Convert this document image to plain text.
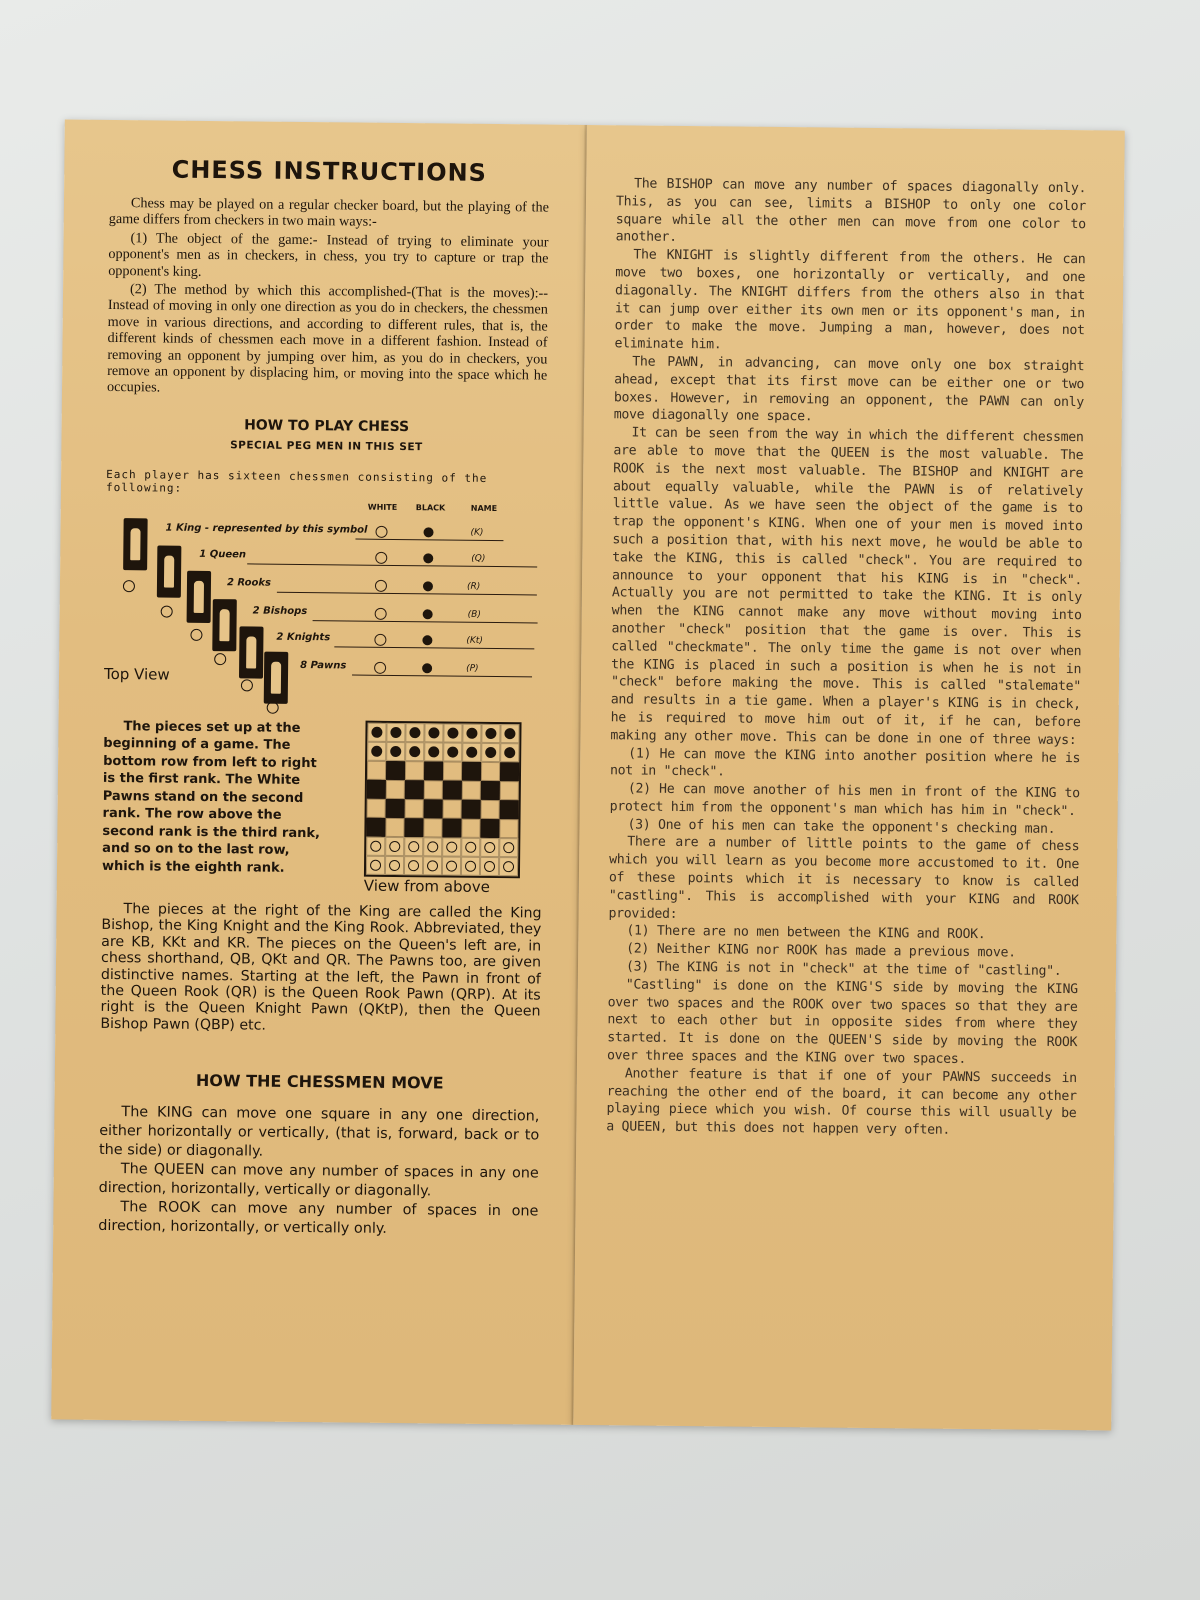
CHESS INSTRUCTIONS

Chess may be played on a regular checker board, but the playing of the game differs from checkers in two main ways:-

(1) The object of the game:- Instead of trying to eliminate your opponent's men as in checkers, in chess, you try to capture or trap the opponent's king.

(2) The method by which this accomplished-(That is the moves):--Instead of moving in only one direction as you do in checkers, the chessmen move in various directions, and according to different rules, that is, the different kinds of chessmen each move in a different fashion. Instead of removing an opponent by jumping over him, as you do in checkers, you remove an opponent by displacing him, or moving into the space which he occupies.

HOW TO PLAY CHESS
SPECIAL PEG MEN IN THIS SET
Each player has sixteen chessmen consisting of the following:
WHITE BLACK	NAME
1 King - represented by this symbol	(K)
1 Queen	(Q)
2 Rooks	(R)
2 Bishops	(B)
2 Knights	(Kt)
8 Pawns	(P)
Top View

The pieces set up at the beginning of a game. The bottom row from left to right is the first rank. The White Pawns stand on the second rank. The row above the second rank is the third rank, and so on to the last row, which is the eighth rank.

View from above

The pieces at the right of the King are called the King Bishop, the King Knight and the King Rook. Abbreviated, they are KB, KKt and KR. The pieces on the Queen's left are, in chess shorthand, QB, QKt and QR. The Pawns too, are given distinctive names. Starting at the left, the Pawn in front of the Queen Rook (QR) is the Queen Rook Pawn (QRP). At its right is the Queen Knight Pawn (QKtP), then the Queen Bishop Pawn (QBP) etc.

HOW THE CHESSMEN MOVE

The KING can move one square in any one direction, either horizontally or vertically, (that is, forward, back or to the side) or diagonally.

The QUEEN can move any number of spaces in any one direction, horizontally, vertically or diagonally.

The ROOK can move any number of spaces in one direction, horizontally, or vertically only.

The BISHOP can move any number of spaces diagonally only. This, as you can see, limits a BISHOP to only one color square while all the other men can move from one color to another.

The KNIGHT is slightly different from the others. He can move two boxes, one horizontally or vertically, and one diagonally. The KNIGHT differs from the others also in that it can jump over either its own men or its opponent's man, in order to make the move. Jumping a man, however, does not eliminate him.

The PAWN, in advancing, can move only one box straight ahead, except that its first move can be either one or two boxes. However, in removing an opponent, the PAWN can only move diagonally one space.

It can be seen from the way in which the different chessmen are able to move that the QUEEN is the most valuable. The ROOK is the next most valuable. The BISHOP and KNIGHT are about equally valuable, while the PAWN is of relatively little value. As we have seen the object of the game is to trap the opponent's KING. When one of your men is moved into such a position that, with his next move, he would be able to take the KING, this is called "check". You are required to announce to your opponent that his KING is in "check". Actually you are not permitted to take the KING. It is only when the KING cannot make any move without moving into another "check" position that the game is over. This is called "checkmate". The only time the game is not over when the KING is placed in such a position is when he is not in "check" before making the move. This is called "stalemate" and results in a tie game. When a player's KING is in check, he is required to move him out of it, if he can, before making any other move. This can be done in one of three ways:

(1) He can move the KING into another position where he is not in "check".

(2) He can move another of his men in front of the KING to protect him from the opponent's man which has him in "check".

(3) One of his men can take the opponent's checking man.

There are a number of little points to the game of chess which you will learn as you become more accustomed to it. One of these points which it is necessary to know is called "castling". This is accomplished with your KING and ROOK provided:

(1) There are no men between the KING and ROOK.

(2) Neither KING nor ROOK has made a previous move.

(3) The KING is not in "check" at the time of "castling".

"Castling" is done on the KING'S side by moving the KING over two spaces and the ROOK over two spaces so that they are next to each other but in opposite sides from where they started. It is done on the QUEEN'S side by moving the ROOK over three spaces and the KING over two spaces.

Another feature is that if one of your PAWNS succeeds in reaching the other end of the board, it can become any other playing piece which you wish. Of course this will usually be a QUEEN, but this does not happen very often.
